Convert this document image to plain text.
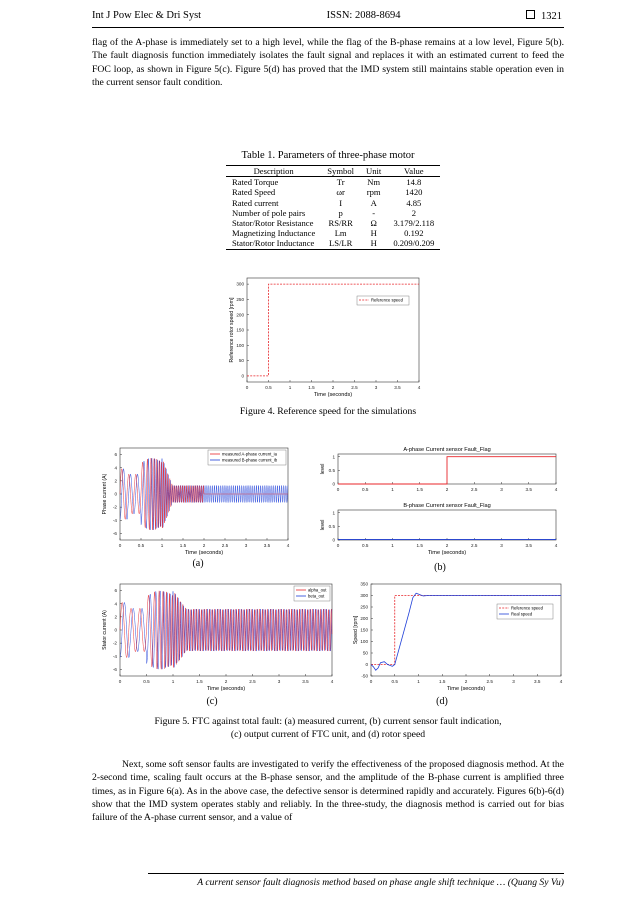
Int J Pow Elec & Dri Syst	ISSN: 2088-8694	1321

flag of the A-phase is immediately set to a high level, while the flag of the B-phase remains at a low level, Figure 5(b). The fault diagnosis function immediately isolates the fault signal and replaces it with an estimated current to feed the FOC loop, as shown in Figure 5(c). Figure 5(d) has proved that the IMD system still maintains stable operation even in the current sensor fault condition.

Table 1. Parameters of three-phase motor
Description	Symbol	Unit	Value
Rated Torque	Tr	Nm	14.8
Rated Speed	ωr	rpm	1420
Rated current	I	A	4.85
Number of pole pairs	p	-	2
Stator/Rotor Resistance	RS/RR	Ω	3.179/2.118
Magnetizing Inductance	Lm	H	0.192
Stator/Rotor Inductance	LS/LR	H	0.209/0.209
0	0.5	1	1.5	2	2.5	3	3.5	4
0
50
100
150
200
250
300
Time (seconds)
Reference rotor speed [rpm]	Reference speed
Figure 4. Reference speed for the simulations
0	0.5	1	1.5	2	2.5	3	3.5	4
-6
-4
-2
0
2
4
6
Time (seconds)
Phase current (A)
measured A-phase current_ia
measured B-phase current_ib
0	0.5	1	1.5	2	2.5	3	3.5	4
0
0.5
1
level
A-phase Current sensor Fault_Flag
0	0.5	1	1.5	2	2.5	3	3.5	4
0
0.5
1
Time (seconds)
level
B-phase Current sensor Fault_Flag
(a)	(b)
0	0.5	1	1.5	2	2.5	3	3.5	4
-6
-4
-2
0
2
4
6
Time (seconds)
Stator current (A)
alpha_out
beta_out
0	0.5	1	1.5	2	2.5	3	3.5	4
-50
0
50
100
150
200
250
300
350
Time (seconds)
Speed [rpm]
Reference speed
Real speed
(c)	(d)
Figure 5. FTC against total fault: (a) measured current, (b) current sensor fault indication,
(c) output current of FTC unit, and (d) rotor speed

Next, some soft sensor faults are investigated to verify the effectiveness of the proposed diagnosis method. At the 2-second time, scaling fault occurs at the B-phase sensor, and the amplitude of the B-phase current is amplified three times, as in Figure 6(a). As in the above case, the defective sensor is determined rapidly and accurately. Figures 6(b)-6(d) show that the IMD system operates stably and reliably. In the three-study, the diagnosis method is carried out for bias failure of the A-phase current sensor, and a value of

A current sensor fault diagnosis method based on phase angle shift technique … (Quang Sy Vu)
